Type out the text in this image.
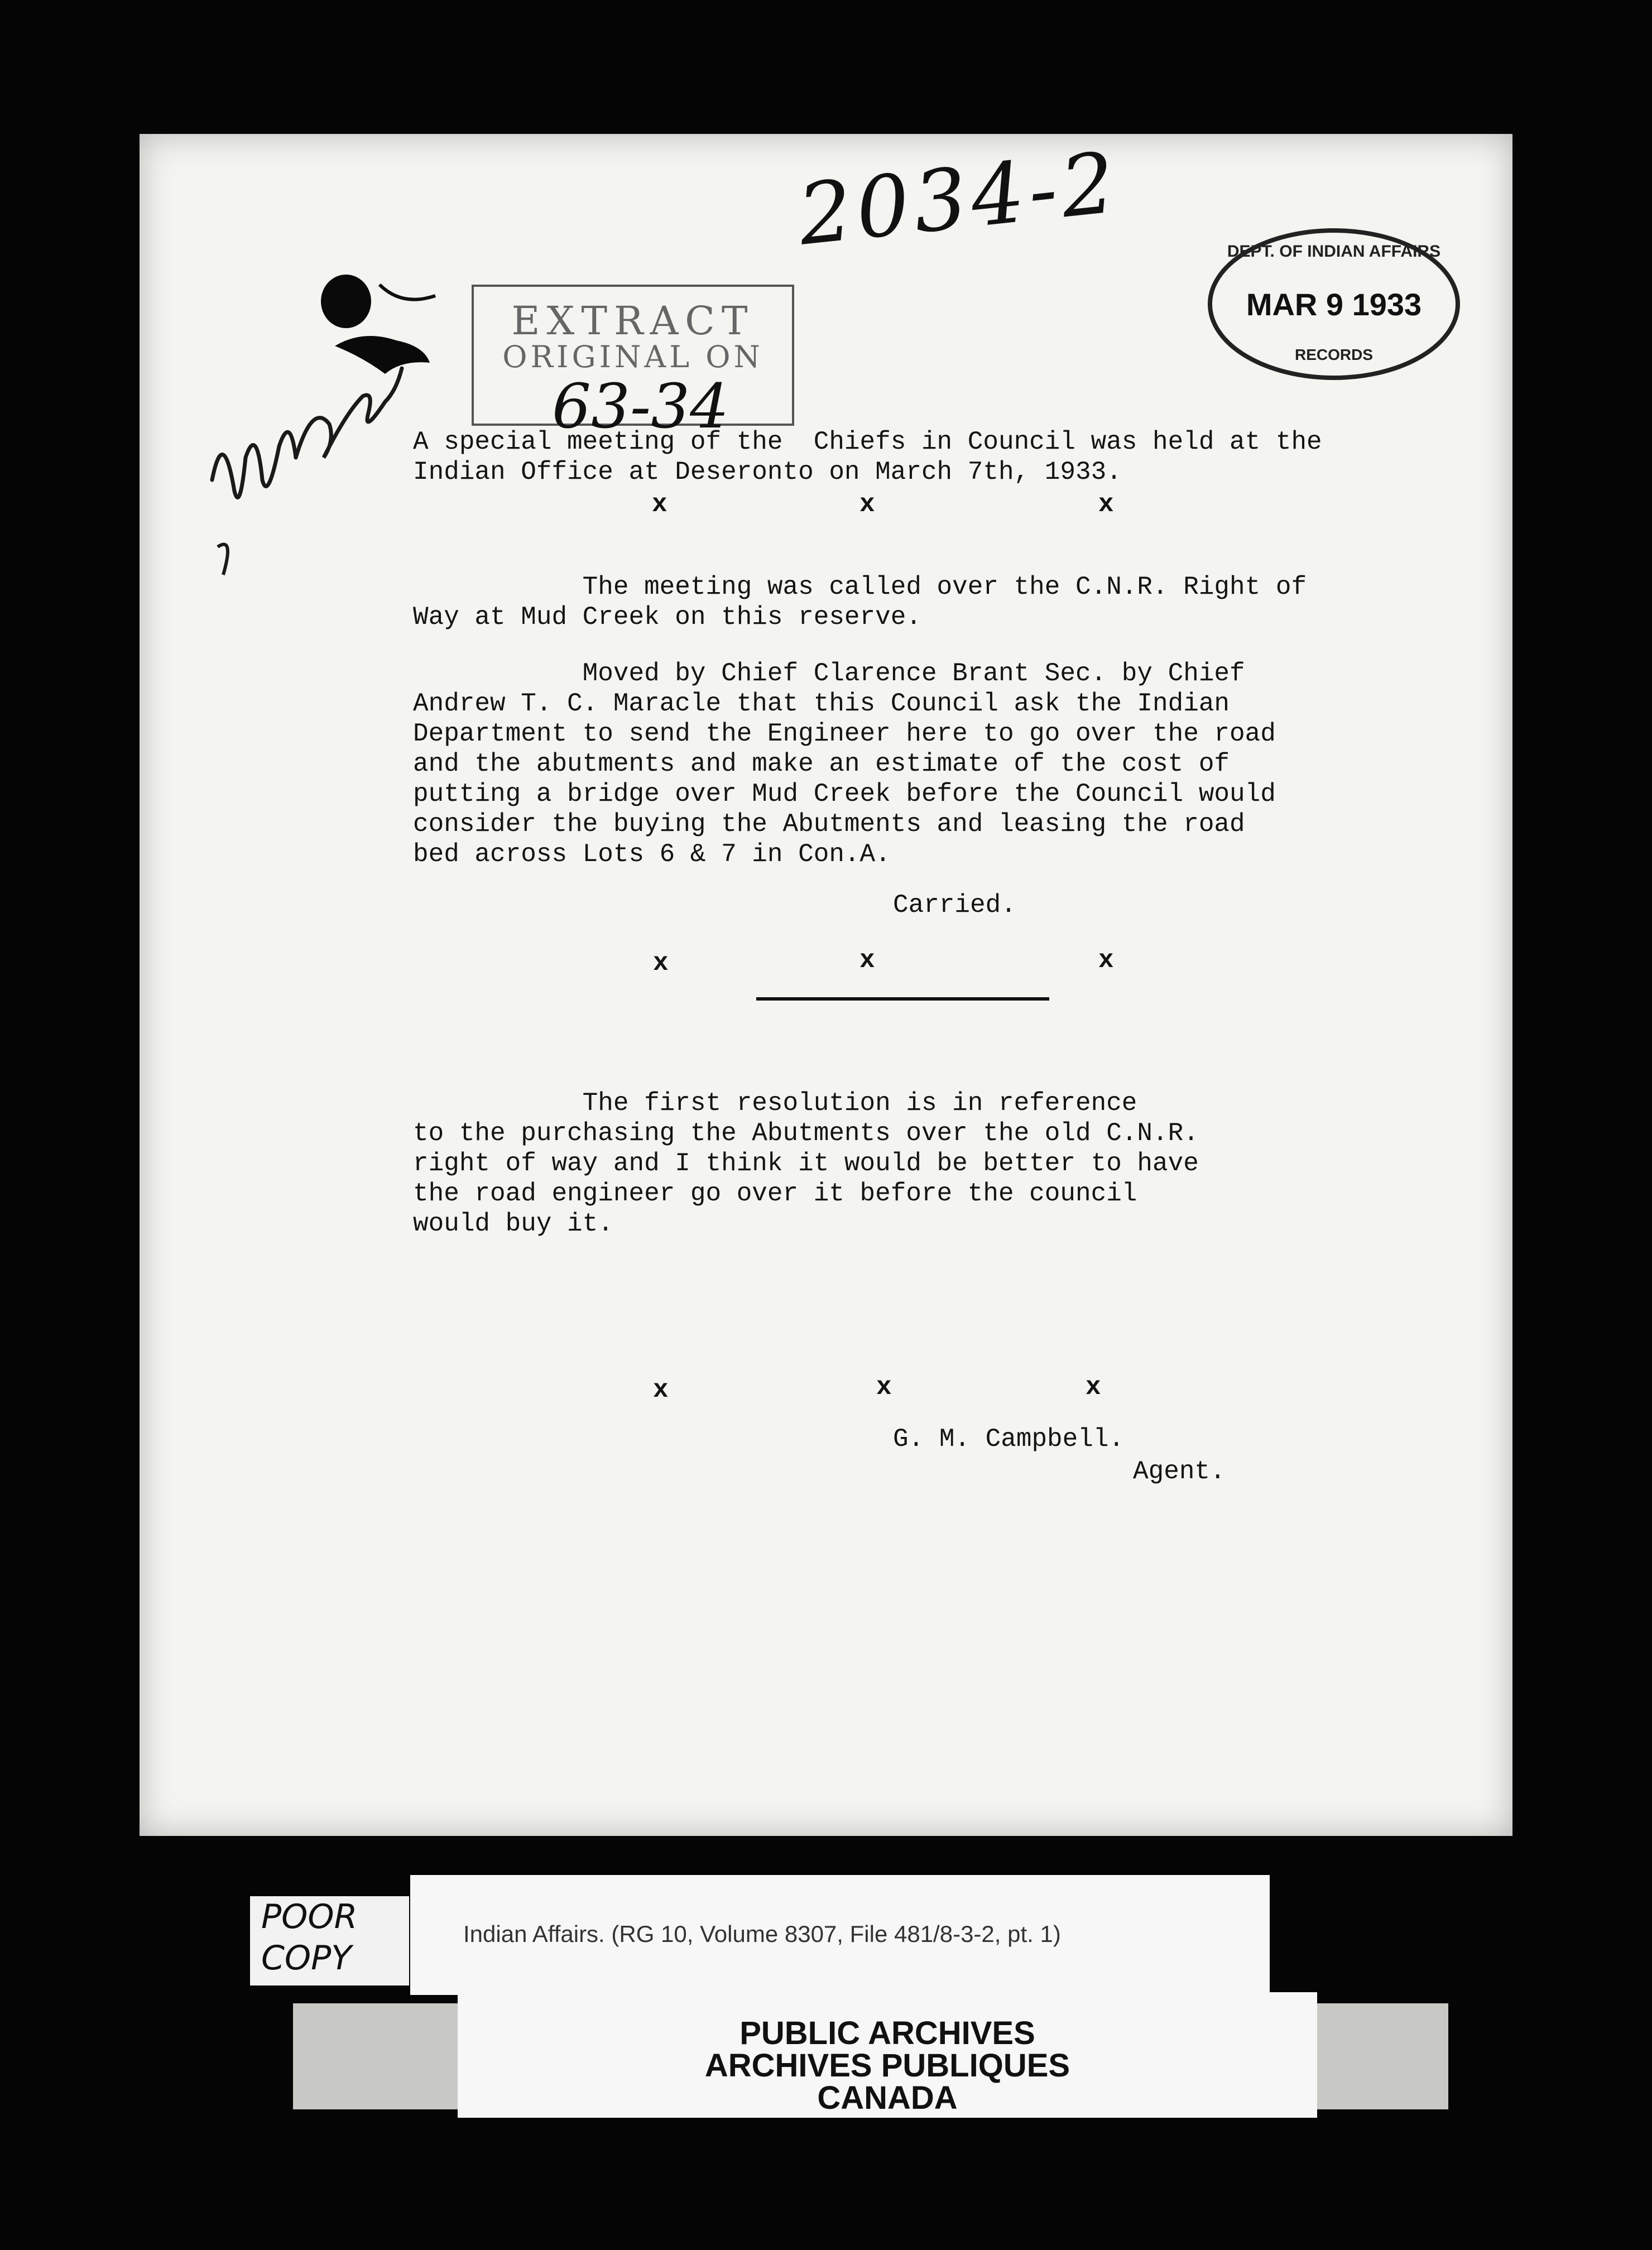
2034-2
EXTRACT
ORIGINAL ON
63-34
DEPT. OF INDIAN AFFAIRS
MAR 9 1933
RECORDS
A special meeting of the  Chiefs in Council was held at the
Indian Office at Deseronto on March 7th, 1933.
x	x	x
The meeting was called over the C.N.R. Right of
Way at Mud Creek on this reserve.
Moved by Chief Clarence Brant Sec. by Chief
Andrew T. C. Maracle that this Council ask the Indian
Department to send the Engineer here to go over the road
and the abutments and make an estimate of the cost of
putting a bridge over Mud Creek before the Council would
consider the buying the Abutments and leasing the road
bed across Lots 6 & 7 in Con.A.
Carried.
x	x	x
The first resolution is in reference
to the purchasing the Abutments over the old C.N.R.
right of way and I think it would be better to have
the road engineer go over it before the council
would buy it.
x	x	x
G. M. Campbell.
Agent.
POOR
COPY
Indian Affairs. (RG 10, Volume 8307, File 481/8-3-2, pt. 1)
PUBLIC ARCHIVES
ARCHIVES PUBLIQUES
CANADA
